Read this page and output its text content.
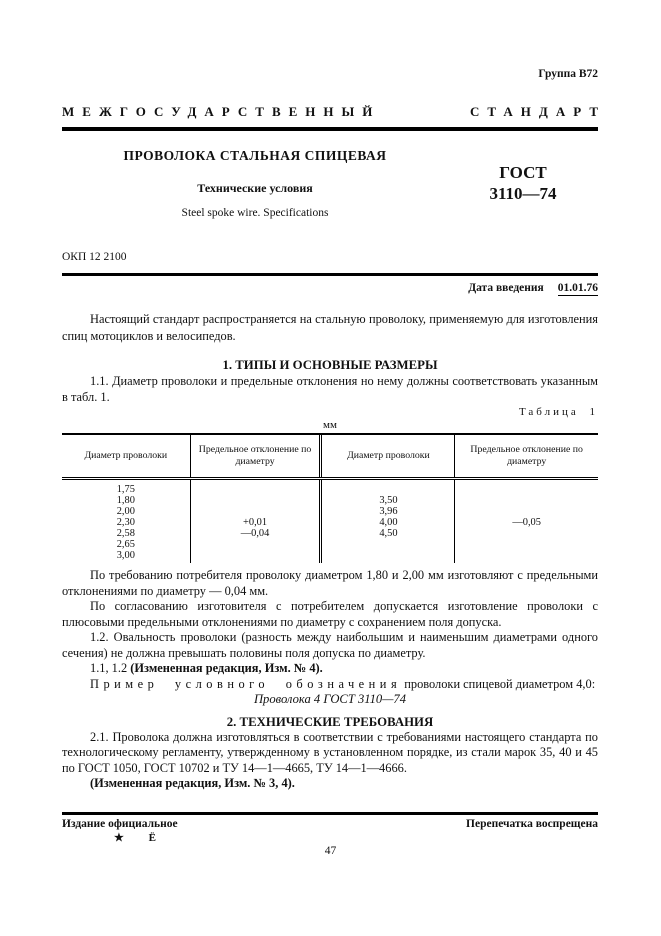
Группа В72
МЕЖГОСУДАРСТВЕННЫЙ	СТАНДАРТ
ПРОВОЛОКА СТАЛЬНАЯ СПИЦЕВАЯ
Технические условия
Steel spoke wire. Specifications
ГОСТ
3110—74
ОКП 12 2100
Дата введения 01.01.76

Настоящий стандарт распространяется на стальную проволоку, применяемую для изготовления спиц мотоциклов и велосипедов.

1. ТИПЫ И ОСНОВНЫЕ РАЗМЕРЫ

1.1. Диаметр проволоки и предельные отклонения но нему должны соответствовать указанным в табл. 1.

Таблица 1
мм
Диаметр проволоки
Предельное отклонение по диаметру
Диаметр проволоки
Предельное отклонение по диаметру
1,75
1,80
2,00
2,30
2,58
2,65
3,00
+0,01
—0,04
3,50
3,96
4,00
4,50
—0,05

По требованию потребителя проволоку диаметром 1,80 и 2,00 мм изготовляют с предельными отклонениями по диаметру — 0,04 мм.

По согласованию изготовителя с потребителем допускается изготовление проволоки с плюсовыми предельными отклонениями по диаметру с сохранением поля допуска.

1.2. Овальность проволоки (разность между наибольшим и наименьшим диаметрами одного сечения) не должна превышать половины поля допуска по диаметру.

1.1, 1.2 (Измененная редакция, Изм. № 4).

Пример условного обозначения проволоки спицевой диаметром 4,0:

Проволока 4 ГОСТ 3110—74

2. ТЕХНИЧЕСКИЕ ТРЕБОВАНИЯ

2.1. Проволока должна изготовляться в соответствии с требованиями настоящего стандарта по технологическому регламенту, утвержденному в установленном порядке, из стали марок 35, 40 и 45 по ГОСТ 1050, ГОСТ 10702 и ТУ 14—1—4665, ТУ 14—1—4666.

(Измененная редакция, Изм. № 3, 4).

Издание официальное	Перепечатка воспрещена
★ Ё
47
